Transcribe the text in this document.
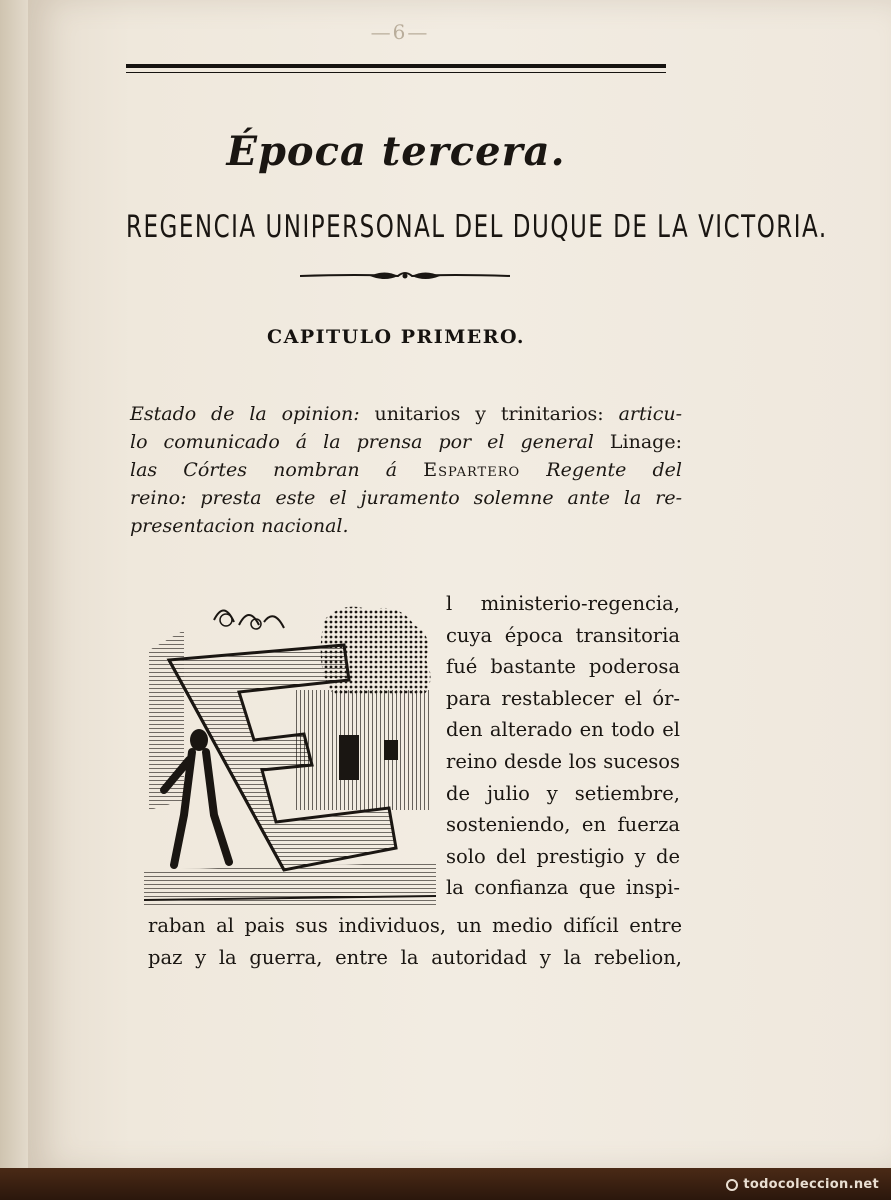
—6—
Época tercera.
REGENCIA UNIPERSONAL DEL DUQUE DE LA VICTORIA.
CAPITULO PRIMERO.
Estado de la opinion: unitarios y trinitarios: articu-
lo comunicado á la prensa por el general Linage:
las Córtes nombran á Espartero Regente del
reino: presta este el juramento solemne ante la re-
presentacion nacional.
l ministerio-regencia,
cuya época transitoria
fué bastante poderosa
para restablecer el ór-
den alterado en todo el
reino desde los sucesos
de julio y setiembre,
sosteniendo, en fuerza
solo del prestigio y de
la confianza que inspi-
raban al pais sus individuos, un medio difícil entre
paz y la guerra, entre la autoridad y la rebelion,
todocoleccion.net
